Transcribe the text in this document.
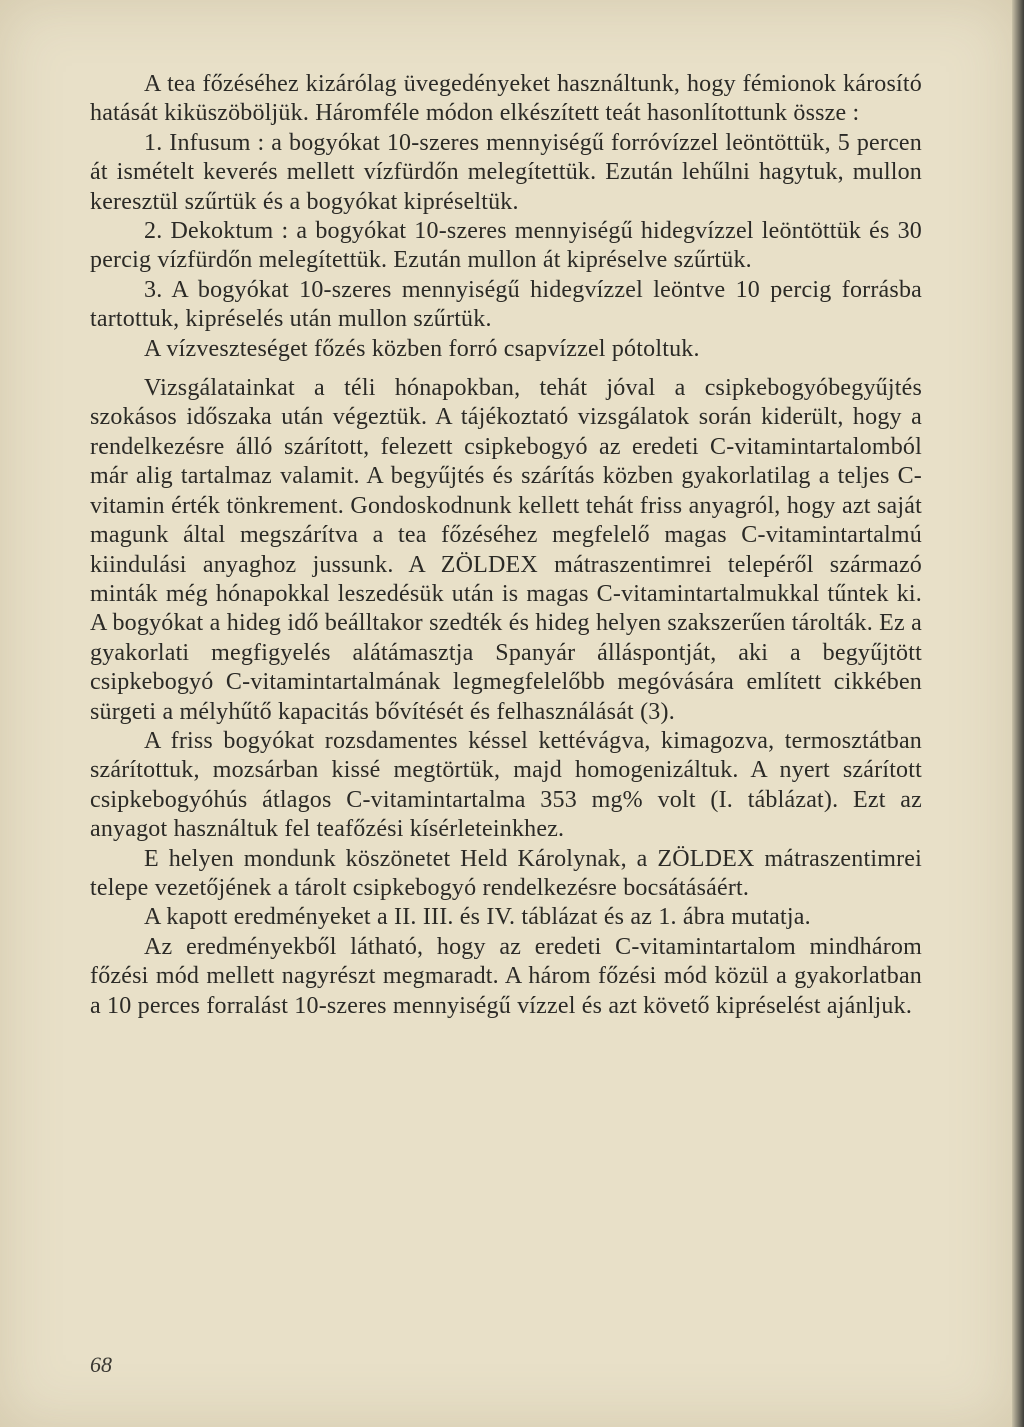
A tea főzéséhez kizárólag üvegedényeket használtunk, hogy fémionok károsító hatását kiküszöböljük. Háromféle módon elkészített teát hasonlítottunk össze :

1. Infusum : a bogyókat 10-szeres mennyiségű forróvízzel leöntöttük, 5 percen át ismételt keverés mellett vízfürdőn melegítettük. Ezután lehűlni hagytuk, mullon keresztül szűrtük és a bogyókat kipréseltük.

2. Dekoktum : a bogyókat 10-szeres mennyiségű hidegvízzel leöntöttük és 30 percig vízfürdőn melegítettük. Ezután mullon át kipréselve szűrtük.

3. A bogyókat 10-szeres mennyiségű hidegvízzel leöntve 10 percig forrásba tartottuk, kipréselés után mullon szűrtük.

A vízveszteséget főzés közben forró csapvízzel pótoltuk.

Vizsgálatainkat a téli hónapokban, tehát jóval a csipkebogyóbegyűjtés szokásos időszaka után végeztük. A tájékoztató vizsgálatok során kiderült, hogy a rendelkezésre álló szárított, felezett csipkebogyó az eredeti C-vitamintartalomból már alig tartalmaz valamit. A begyűjtés és szárítás közben gyakorlatilag a teljes C-vitamin érték tönkrement. Gondoskodnunk kellett tehát friss anyagról, hogy azt saját magunk által megszárítva a tea főzéséhez megfelelő magas C-vitamintartalmú kiindulási anyaghoz jussunk. A ZÖLDEX mátraszentimrei telepéről származó minták még hónapokkal leszedésük után is magas C-vitamintartalmukkal tűntek ki. A bogyókat a hideg idő beálltakor szedték és hideg helyen szakszerűen tárolták. Ez a gyakorlati megfigyelés alátámasztja Spanyár álláspontját, aki a begyűjtött csipkebogyó C-vitamintartalmának legmegfelelőbb megóvására említett cikkében sürgeti a mélyhűtő kapacitás bővítését és felhasználását (3).

A friss bogyókat rozsdamentes késsel kettévágva, kimagozva, termosztátban szárítottuk, mozsárban kissé megtörtük, majd homogenizáltuk. A nyert szárított csipkebogyóhús átlagos C-vitamintartalma 353 mg% volt (I. táblázat). Ezt az anyagot használtuk fel teafőzési kísérleteinkhez.

E helyen mondunk köszönetet Held Károlynak, a ZÖLDEX mátraszentimrei telepe vezetőjének a tárolt csipkebogyó rendelkezésre bocsátásáért.

A kapott eredményeket a II. III. és IV. táblázat és az 1. ábra mutatja.

Az eredményekből látható, hogy az eredeti C-vitamintartalom mindhárom főzési mód mellett nagyrészt megmaradt. A három főzési mód közül a gyakorlatban a 10 perces forralást 10-szeres mennyiségű vízzel és azt követő kipréselést ajánljuk.

68
